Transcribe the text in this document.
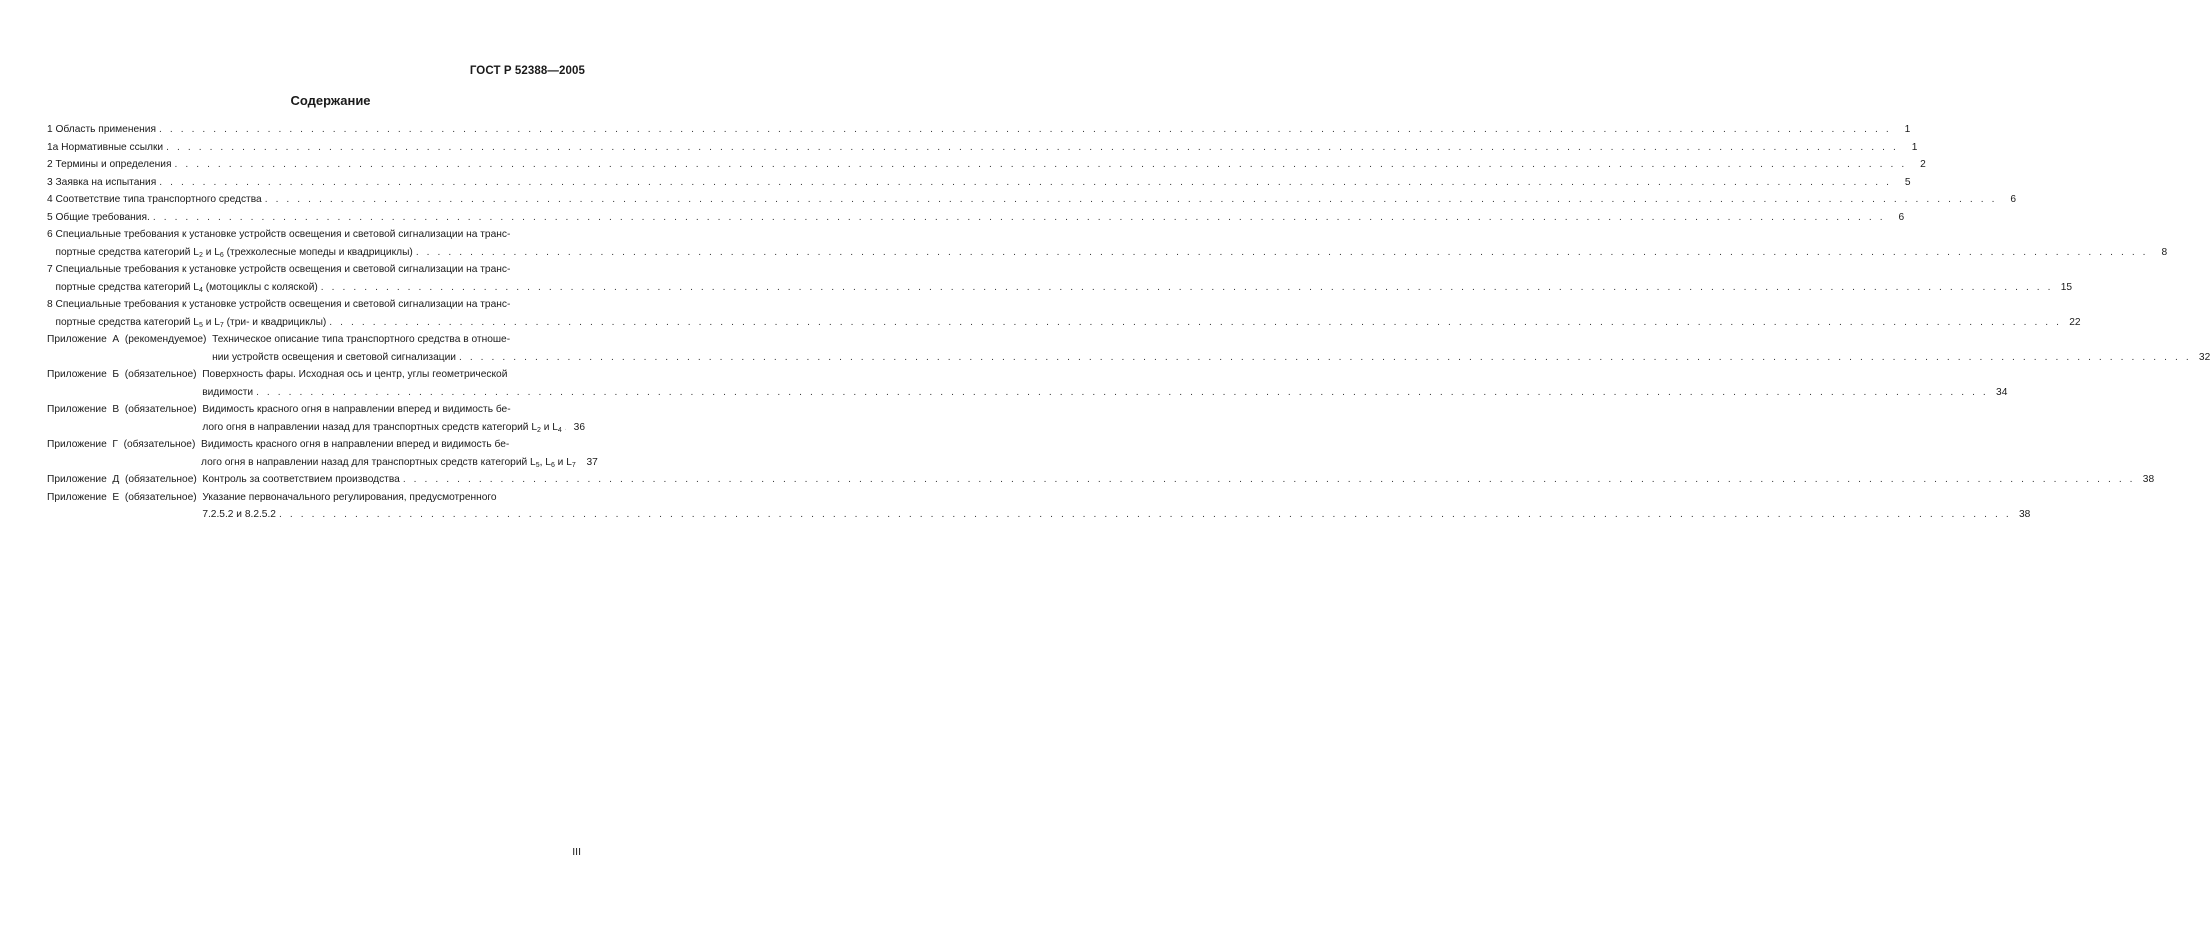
ГОСТ Р 52388—2005
Содержание
1 Область применения . . . . . . . . . . . . . . . . . . . . . . . . . . . . . . . . . . . . . . . . . . . . . . . . . . . . . . . . . . . . . . . . . . . . . . . . . . . . . . . . . . . . . . . . . . . . . . . . . . . . . . . . . . . . . . . . . . . . . . . . . . . . . . . . . . . . . . . . . . . . . . . . . . . . . . . . . . . . . . . .	1
1а Нормативные ссылки . . . . . . . . . . . . . . . . . . . . . . . . . . . . . . . . . . . . . . . . . . . . . . . . . . . . . . . . . . . . . . . . . . . . . . . . . . . . . . . . . . . . . . . . . . . . . . . . . . . . . . . . . . . . . . . . . . . . . . . . . . . . . . . . . . . . . . . . . . . . . . . . . . . . . . . . . . . . . . . .	1
2 Термины и определения . . . . . . . . . . . . . . . . . . . . . . . . . . . . . . . . . . . . . . . . . . . . . . . . . . . . . . . . . . . . . . . . . . . . . . . . . . . . . . . . . . . . . . . . . . . . . . . . . . . . . . . . . . . . . . . . . . . . . . . . . . . . . . . . . . . . . . . . . . . . . . . . . . . . . . . . . . . . . . . .	2
3 Заявка на испытания . . . . . . . . . . . . . . . . . . . . . . . . . . . . . . . . . . . . . . . . . . . . . . . . . . . . . . . . . . . . . . . . . . . . . . . . . . . . . . . . . . . . . . . . . . . . . . . . . . . . . . . . . . . . . . . . . . . . . . . . . . . . . . . . . . . . . . . . . . . . . . . . . . . . . . . . . . . . . . . .	5
4 Соответствие типа транспортного средства . . . . . . . . . . . . . . . . . . . . . . . . . . . . . . . . . . . . . . . . . . . . . . . . . . . . . . . . . . . . . . . . . . . . . . . . . . . . . . . . . . . . . . . . . . . . . . . . . . . . . . . . . . . . . . . . . . . . . . . . . . . . . . . . . . . . . . . . . . . . . . . . . . . . . . . . . . . . . . . .	6
5 Общие требования. . . . . . . . . . . . . . . . . . . . . . . . . . . . . . . . . . . . . . . . . . . . . . . . . . . . . . . . . . . . . . . . . . . . . . . . . . . . . . . . . . . . . . . . . . . . . . . . . . . . . . . . . . . . . . . . . . . . . . . . . . . . . . . . . . . . . . . . . . . . . . . . . . . . . . . . . . . . . . . . .	6
6 Специальные требования к установке устройств освещения и световой сигнализации на транс-
портные средства категорий $L_2$ и $L_6$ (трехколесные мопеды и квадрициклы) . . . . . . . . . . . . . . . . . . . . . . . . . . . . . . . . . . . . . . . . . . . . . . . . . . . . . . . . . . . . . . . . . . . . . . . . . . . . . . . . . . . . . . . . . . . . . . . . . . . . . . . . . . . . . . . . . . . . . . . . . . . . . . . . . . . . . . . . . . . . . . . . . . . . . . . . . . . . . . . .	8
7 Специальные требования к установке устройств освещения и световой сигнализации на транс-
портные средства категорий $L_4$ (мотоциклы с коляской) . . . . . . . . . . . . . . . . . . . . . . . . . . . . . . . . . . . . . . . . . . . . . . . . . . . . . . . . . . . . . . . . . . . . . . . . . . . . . . . . . . . . . . . . . . . . . . . . . . . . . . . . . . . . . . . . . . . . . . . . . . . . . . . . . . . . . . . . . . . . . . . . . . . . . . . . . . . . . . . . 15
8 Специальные требования к установке устройств освещения и световой сигнализации на транс-
портные средства категорий $L_5$ и $L_7$ (три- и квадрициклы) . . . . . . . . . . . . . . . . . . . . . . . . . . . . . . . . . . . . . . . . . . . . . . . . . . . . . . . . . . . . . . . . . . . . . . . . . . . . . . . . . . . . . . . . . . . . . . . . . . . . . . . . . . . . . . . . . . . . . . . . . . . . . . . . . . . . . . . . . . . . . . . . . . . . . . . . . . . . . . . . 22
Приложение  А  (рекомендуемое) Техническое описание типа транспортного средства в отноше-
нии устройств освещения и световой сигнализации . . . . . . . . . . . . . . . . . . . . . . . . . . . . . . . . . . . . . . . . . . . . . . . . . . . . . . . . . . . . . . . . . . . . . . . . . . . . . . . . . . . . . . . . . . . . . . . . . . . . . . . . . . . . . . . . . . . . . . . . . . . . . . . . . . . . . . . . . . . . . . . . . . . . . . . . . . . . . . . . 32
Приложение  Б  (обязательное) Поверхность фары. Исходная ось и центр, углы геометрической
видимости . . . . . . . . . . . . . . . . . . . . . . . . . . . . . . . . . . . . . . . . . . . . . . . . . . . . . . . . . . . . . . . . . . . . . . . . . . . . . . . . . . . . . . . . . . . . . . . . . . . . . . . . . . . . . . . . . . . . . . . . . . . . . . . . . . . . . . . . . . . . . . . . . . . . . . . . . . . . . . . . 34
Приложение  В  (обязательное) Видимость красного огня в направлении вперед и видимость бе-
лого огня в направлении назад для транспортных средств категорий $L_2$ и $L_4$	36
Приложение  Г  (обязательное) Видимость красного огня в направлении вперед и видимость бе-
лого огня в направлении назад для транспортных средств категорий $L_5$, $L_6$ и $L_7$	37
Приложение  Д  (обязательное) Контроль за соответствием производства . . . . . . . . . . . . . . . . . . . . . . . . . . . . . . . . . . . . . . . . . . . . . . . . . . . . . . . . . . . . . . . . . . . . . . . . . . . . . . . . . . . . . . . . . . . . . . . . . . . . . . . . . . . . . . . . . . . . . . . . . . . . . . . . . . . . . . . . . . . . . . . . . . . . . . . . . . . . . . . . 38
Приложение  Е  (обязательное) Указание первоначального регулирования, предусмотренного
7.2.5.2 и 8.2.5.2 . . . . . . . . . . . . . . . . . . . . . . . . . . . . . . . . . . . . . . . . . . . . . . . . . . . . . . . . . . . . . . . . . . . . . . . . . . . . . . . . . . . . . . . . . . . . . . . . . . . . . . . . . . . . . . . . . . . . . . . . . . . . . . . . . . . . . . . . . . . . . . . . . . . . . . . . . . . . . . . . 38
III
